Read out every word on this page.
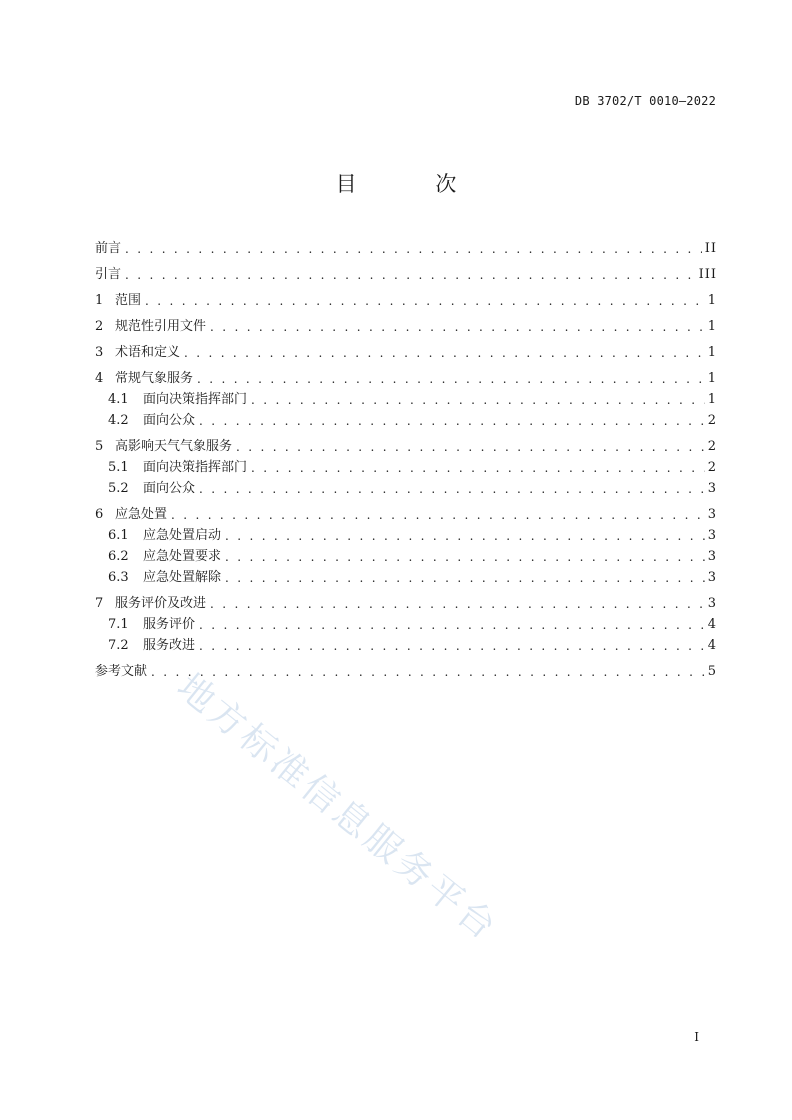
DB 3702/T 0010—2022
目 次
前言 . . .	II
引言 . . .	III
1 范围 . . .	1
2 规范性引用文件 . . .	1
3 术语和定义 . . .	1
4 常规气象服务 . . .	1
4.1	面向决策指挥部门 . . .	1
4.2	面向公众 . . .	2
5 高影响天气气象服务 . . .	2
5.1	面向决策指挥部门 . . .	2
5.2	面向公众 . . .	3
6 应急处置 . . .	3
6.1	应急处置启动 . . .	3
6.2	应急处置要求 . . .	3
6.3	应急处置解除 . . .	3
7 服务评价及改进 . . .	3
7.1	服务评价 . . .	4
7.2	服务改进 . . .	4
参考文献 . . .	5
地方标准信息服务平台
I
